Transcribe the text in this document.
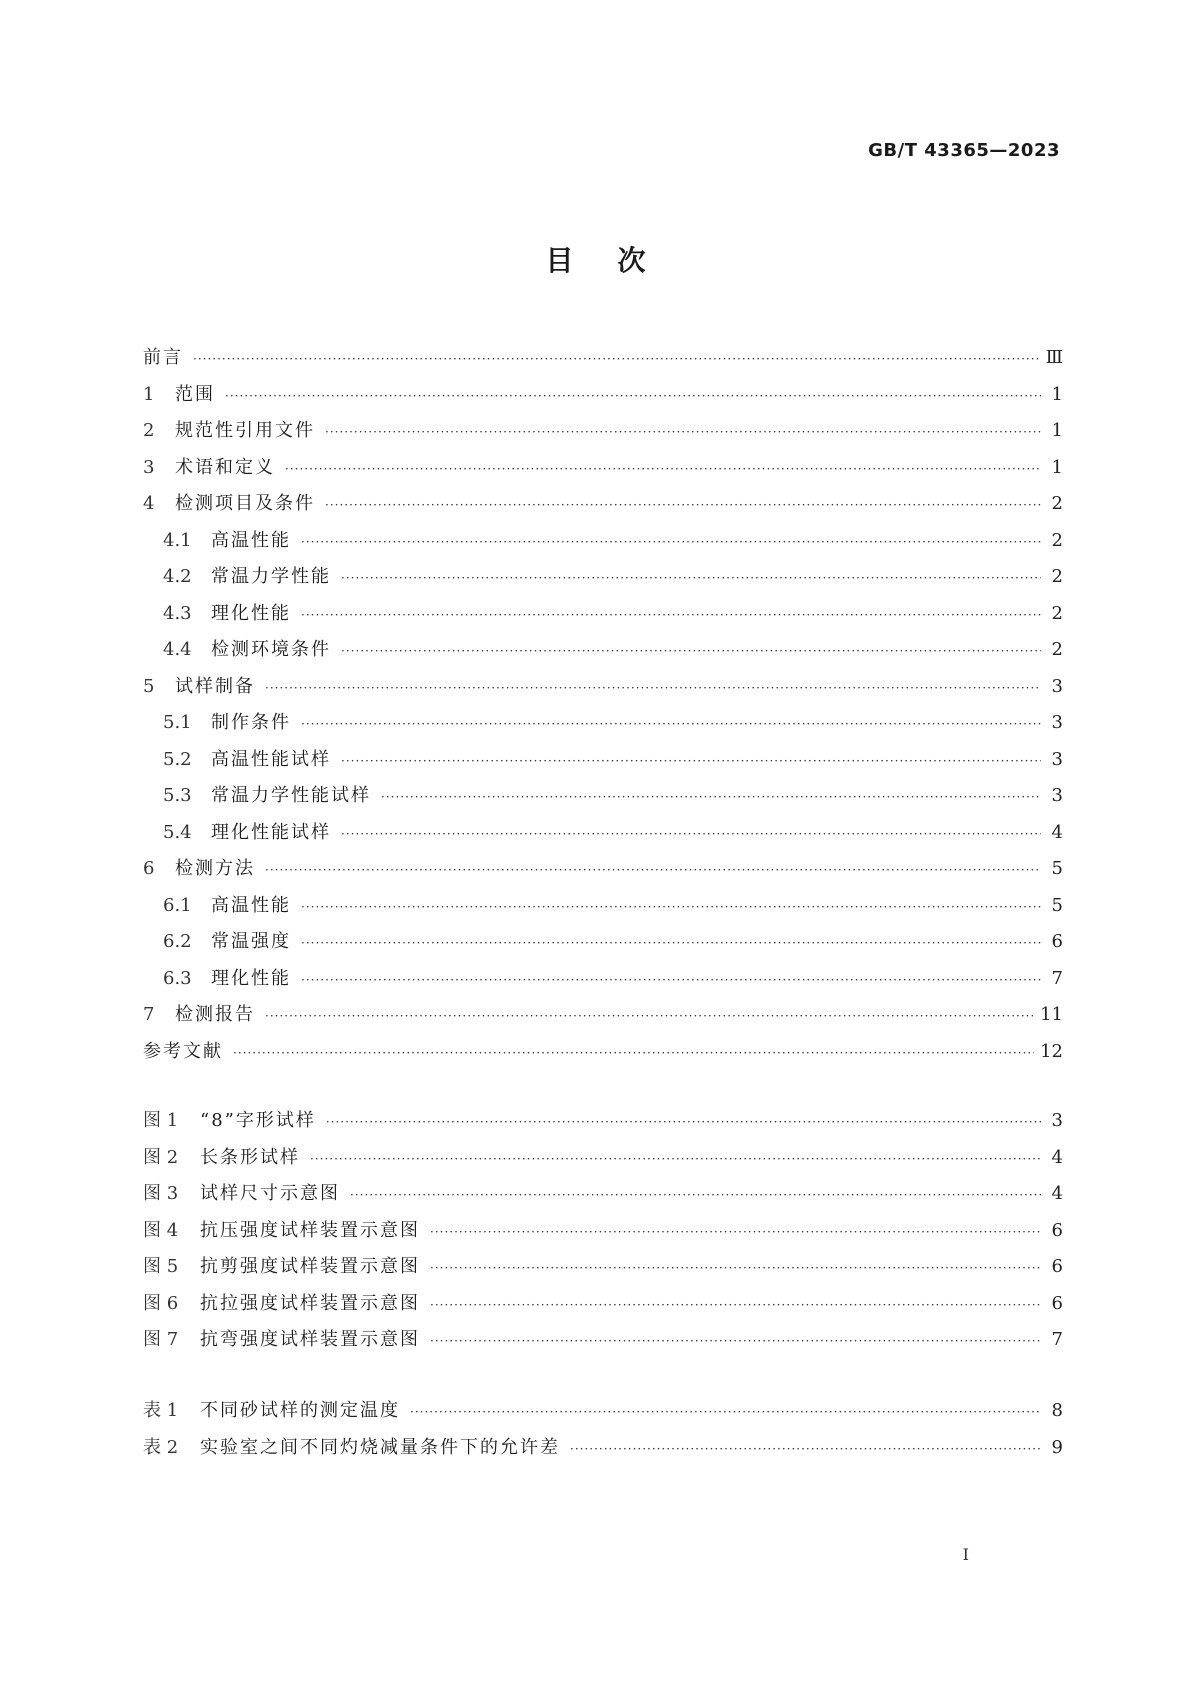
GB/T 43365—2023
目次
前言 ·····	Ⅲ
1	范围 ·····	1
2	规范性引用文件 ·····	1
3	术语和定义 ·····	1
4	检测项目及条件 ·····	2
4.1	高温性能 ·····	2
4.2	常温力学性能 ·····	2
4.3	理化性能 ·····	2
4.4	检测环境条件 ·····	2
5	试样制备 ·····	3
5.1	制作条件 ·····	3
5.2	高温性能试样 ·····	3
5.3	常温力学性能试样 ·····	3
5.4	理化性能试样 ·····	4
6	检测方法 ·····	5
6.1	高温性能 ·····	5
6.2	常温强度 ·····	6
6.3	理化性能 ·····	7
7	检测报告 ·····	11
参考文献 ·····	12
图 1	“8”字形试样 ·····	3
图 2	长条形试样 ·····	4
图 3	试样尺寸示意图 ·····	4
图 4	抗压强度试样装置示意图 ·····	6
图 5	抗剪强度试样装置示意图 ·····	6
图 6	抗拉强度试样装置示意图 ·····	6
图 7	抗弯强度试样装置示意图 ·····	7
表 1	不同砂试样的测定温度 ·····	8
表 2	实验室之间不同灼烧减量条件下的允许差 ·····	9
Ⅰ
